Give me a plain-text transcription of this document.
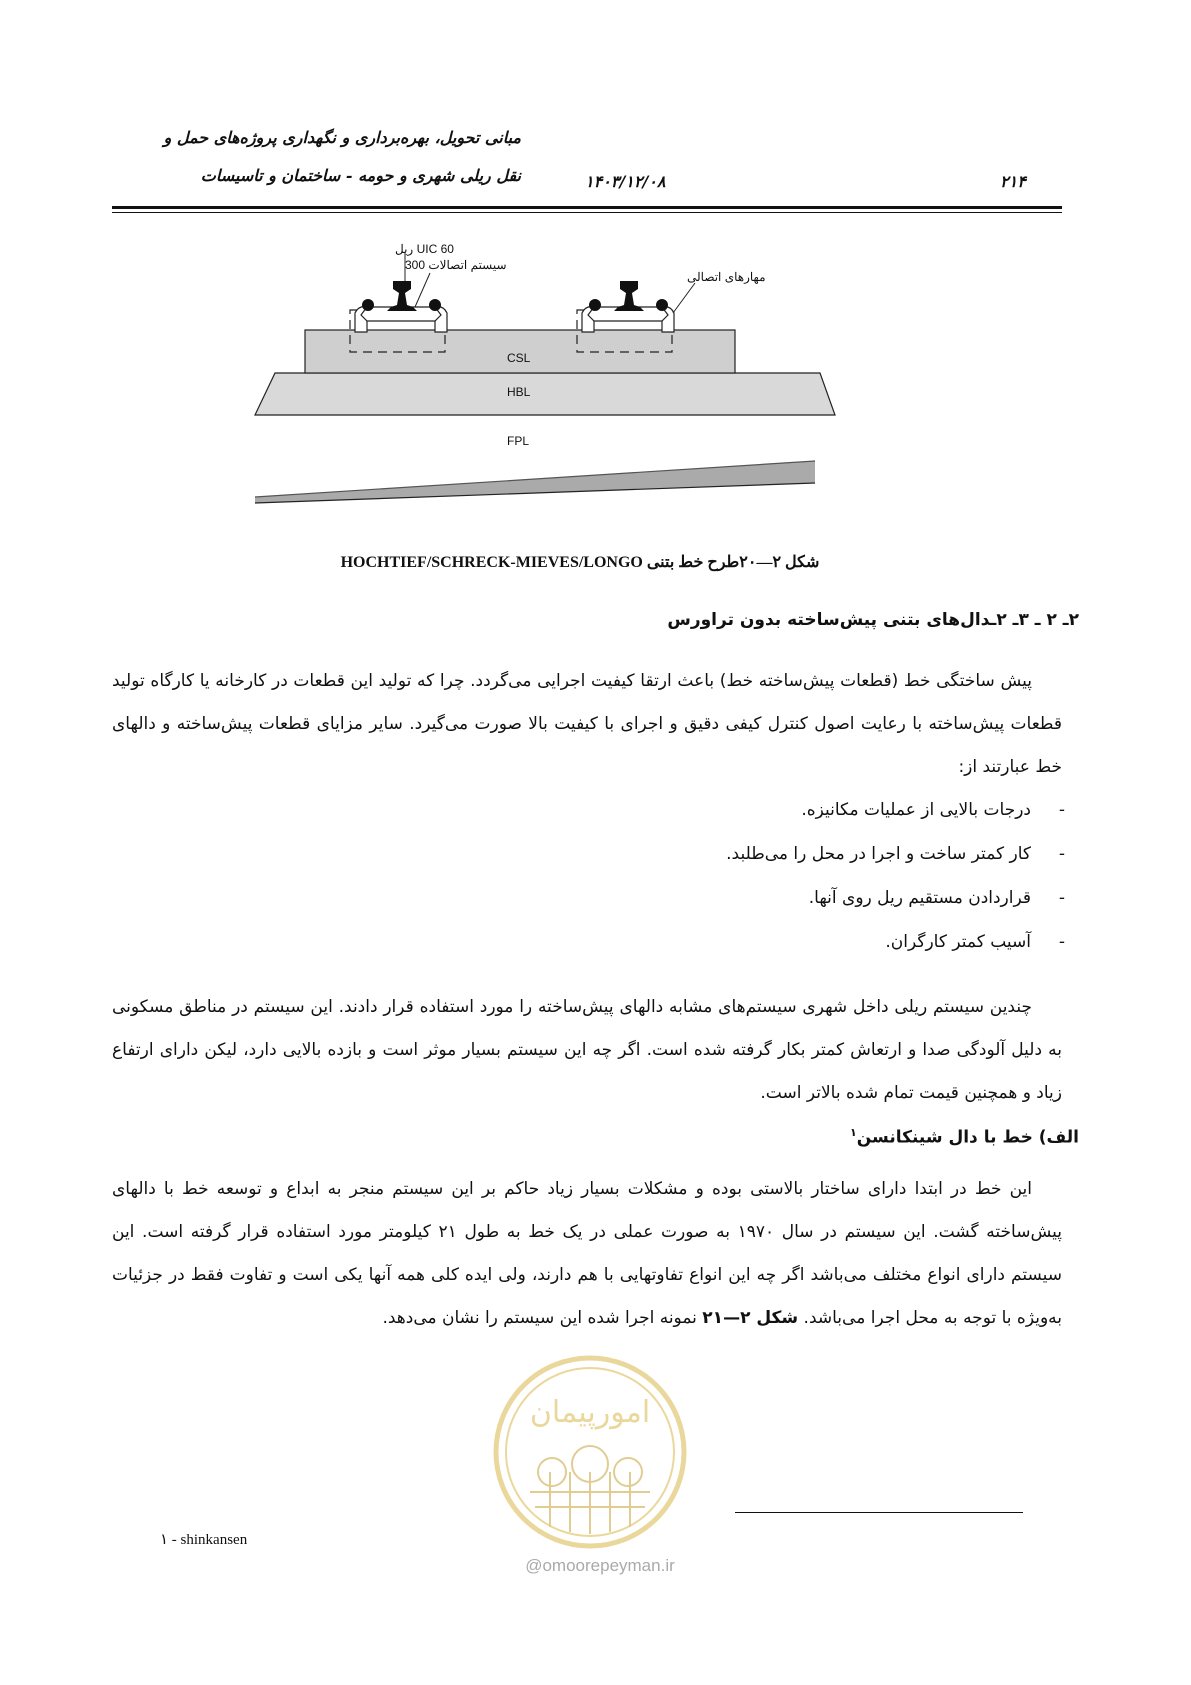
مبانی تحویل، بهره‌برداری و نگهداری پروژه‌های حمل و
نقل ریلی شهری و حومه - ساختمان و تاسیسات	۱۴۰۳/۱۲/۰۸	۲۱۴
ریل UIC 60
سیستم اتصالات 300
مهارهای اتصالی
CSL
HBL
FPL
شکل ۲—۲۰طرح خط بتنی HOCHTIEF/SCHRECK-MIEVES/LONGO
۲ـ ۲ ـ ۳ـ ۲ـدال‌های بتنی پیش‌ساخته بدون تراورس
پیش ساختگی خط (قطعات پیش‌ساخته خط) باعث ارتقا کیفیت اجرایی می‌گردد. چرا که تولید این قطعات در کارخانه یا کارگاه تولید قطعات پیش‌ساخته با رعایت اصول کنترل کیفی دقیق و اجرای با کیفیت بالا صورت می‌گیرد. سایر مزایای قطعات پیش‌ساخته و دالهای خط عبارتند از:
-
درجات بالایی از عملیات مکانیزه.
-
کار کمتر ساخت و اجرا در محل را می‌طلبد.
-
قراردادن مستقیم ریل روی آنها.
-
آسیب کمتر کارگران.
چندین سیستم ریلی داخل شهری سیستم‌های مشابه دالهای پیش‌ساخته را مورد استفاده قرار دادند. این سیستم در مناطق مسکونی به دلیل آلودگی صدا و ارتعاش کمتر بکار گرفته شده است. اگر چه این سیستم بسیار موثر است و بازده بالایی دارد، لیکن دارای ارتفاع زیاد و همچنین قیمت تمام شده بالاتر است.
الف) خط با دال شینکانسن$^۱$
این خط در ابتدا دارای ساختار بالاستی بوده و مشکلات بسیار زیاد حاکم بر این سیستم منجر به ابداع و توسعه خط با دالهای پیش‌ساخته گشت. این سیستم در سال ۱۹۷۰ به صورت عملی در یک خط به طول ۲۱ کیلومتر مورد استفاده قرار گرفته است. این سیستم دارای انواع مختلف می‌باشد اگر چه این انواع تفاوتهایی با هم دارند، ولی ایده کلی همه آنها یکی است و تفاوت فقط در جزئیات به‌ویژه با توجه به محل اجرا می‌باشد. شکل ۲—۲۱ نمونه اجرا شده این سیستم را نشان می‌دهد.
امورپیمان
۱ - shinkansen
@omoorepeyman.ir
